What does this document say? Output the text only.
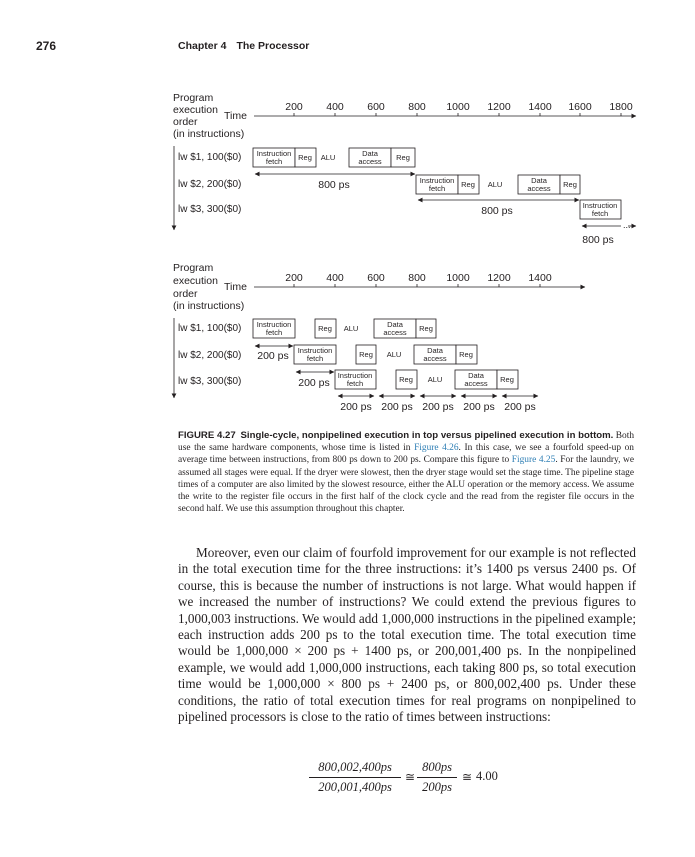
276	Chapter 4 The Processor
Program
execution
order
(in instructions)
Time
200 400 600 800 1000 1200 1400 1600 1800
lw $1, 100($0)
lw $2, 200($0)
lw $3, 300($0)
Instruction
fetch Reg ALU	Data
access Reg
800 ps	Instruction
fetch Reg ALU	Data
access Reg
800 ps	Instruction
fetch
...
800 ps
Program
execution
order
(in instructions)
Time
200 400 600 800 1000 1200 1400
lw $1, 100($0)
lw $2, 200($0)
lw $3, 300($0)
Instruction
fetch	Reg ALU	Data
access Reg
200 ps Instruction
fetch	Reg ALU	Data
access Reg
200 ps
Instruction
fetch	Reg ALU	Data
access Reg
200 ps 200 ps 200 ps 200 ps 200 ps
FIGURE 4.27 Single-cycle, nonpipelined execution in top versus pipelined execution in bottom. Both use the same hardware components, whose time is listed in Figure 4.26. In this case, we see a fourfold speed-up on average time between instructions, from 800 ps down to 200 ps. Compare this figure to Figure 4.25. For the laundry, we assumed all stages were equal. If the dryer were slowest, then the dryer stage would set the stage time. The pipeline stage times of a computer are also limited by the slowest resource, either the ALU operation or the memory access. We assume the write to the register file occurs in the first half of the clock cycle and the read from the register file occurs in the second half. We use this assumption throughout this chapter.

Moreover, even our claim of fourfold improvement for our example is not reflected in the total execution time for the three instructions: it’s 1400 ps versus 2400 ps. Of course, this is because the number of instructions is not large. What would happen if we increased the number of instructions? We could extend the previous figures to 1,000,003 instructions. We would add 1,000,000 instructions in the pipelined example; each instruction adds 200 ps to the total execution time. The total execution time would be 1,000,000 × 200 ps + 1400 ps, or 200,001,400 ps. In the nonpipelined example, we would add 1,000,000 instructions, each taking 800 ps, so total execution time would be 1,000,000 × 800 ps + 2400 ps, or 800,002,400 ps. Under these conditions, the ratio of total execution times for real programs on nonpipelined to pipelined processors is close to the ratio of times between instructions:

$\frac{800,002,400ps}{200,001,400ps}$ ≅ $\frac{800ps}{200ps}$ ≅ 4.00
